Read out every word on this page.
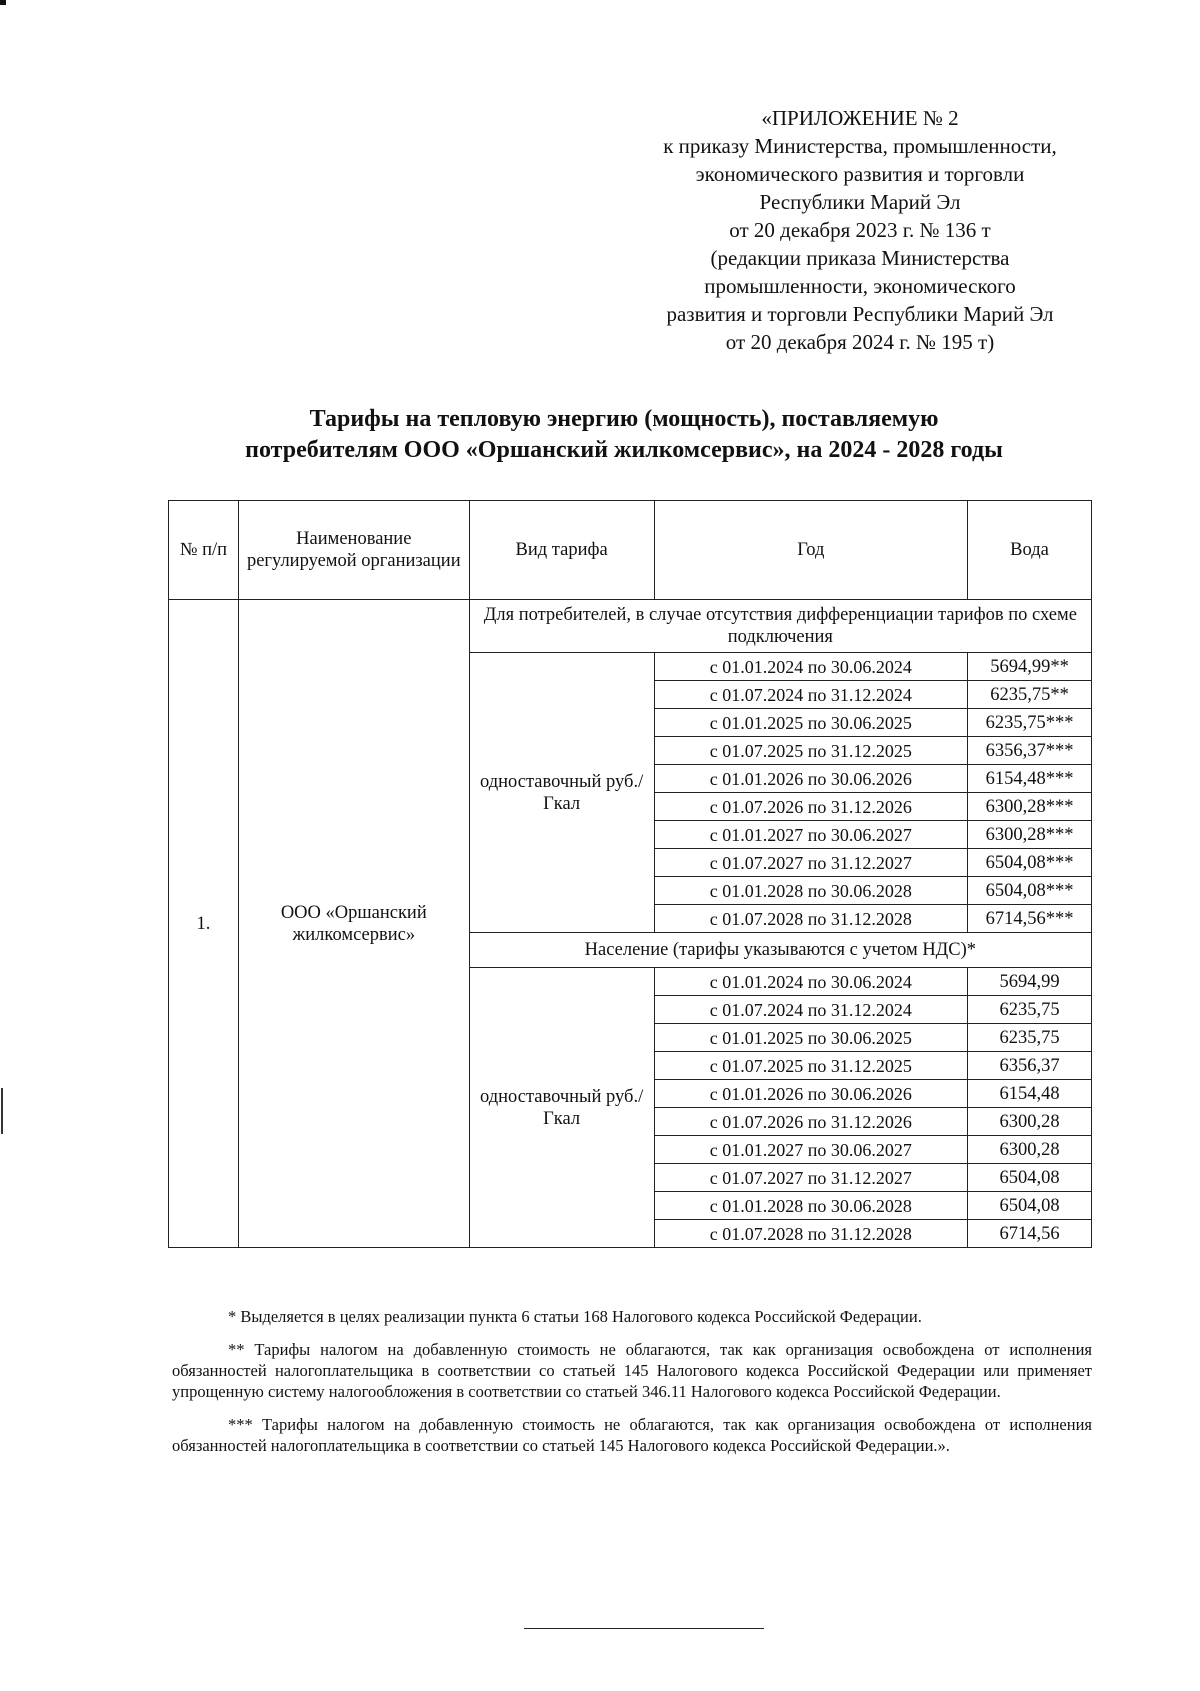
«ПРИЛОЖЕНИЕ № 2
к приказу Министерства, промышленности,
экономического развития и торговли
Республики Марий Эл
от 20 декабря 2023 г. № 136 т
(редакции приказа Министерства
промышленности, экономического
развития и торговли Республики Марий Эл
от 20 декабря 2024 г. № 195 т)
Тарифы на тепловую энергию (мощность), поставляемую
потребителям ООО «Оршанский жилкомсервис», на 2024 - 2028 годы
№ п/п	Наименование регулируемой организации	Вид тарифа	Год	Вода
1.	ООО «Оршанский жилкомсервис»	Для потребителей, в случае отсутствия дифференциации тарифов по схеме подключения		
		одноставочный руб./Гкал	с 01.01.2024 по 30.06.2024	5694,99**
			с 01.07.2024 по 31.12.2024	6235,75**
			с 01.01.2025 по 30.06.2025	6235,75***
			с 01.07.2025 по 31.12.2025	6356,37***
			с 01.01.2026 по 30.06.2026	6154,48***
			с 01.07.2026 по 31.12.2026	6300,28***
			с 01.01.2027 по 30.06.2027	6300,28***
			с 01.07.2027 по 31.12.2027	6504,08***
			с 01.01.2028 по 30.06.2028	6504,08***
			с 01.07.2028 по 31.12.2028	6714,56***
		Население (тарифы указываются с учетом НДС)*		
		одноставочный руб./Гкал	с 01.01.2024 по 30.06.2024	5694,99
			с 01.07.2024 по 31.12.2024	6235,75
			с 01.01.2025 по 30.06.2025	6235,75
			с 01.07.2025 по 31.12.2025	6356,37
			с 01.01.2026 по 30.06.2026	6154,48
			с 01.07.2026 по 31.12.2026	6300,28
			с 01.01.2027 по 30.06.2027	6300,28
			с 01.07.2027 по 31.12.2027	6504,08
			с 01.01.2028 по 30.06.2028	6504,08
			с 01.07.2028 по 31.12.2028	6714,56

* Выделяется в целях реализации пункта 6 статьи 168 Налогового кодекса Российской Федерации.

** Тарифы налогом на добавленную стоимость не облагаются, так как организация освобождена от исполнения обязанностей налогоплательщика в соответствии со статьей 145 Налогового кодекса Российской Федерации или применяет упрощенную систему налогообложения в соответствии со статьей 346.11 Налогового кодекса Российской Федерации.

*** Тарифы налогом на добавленную стоимость не облагаются, так как организация освобождена от исполнения обязанностей налогоплательщика в соответствии со статьей 145 Налогового кодекса Российской Федерации.».
